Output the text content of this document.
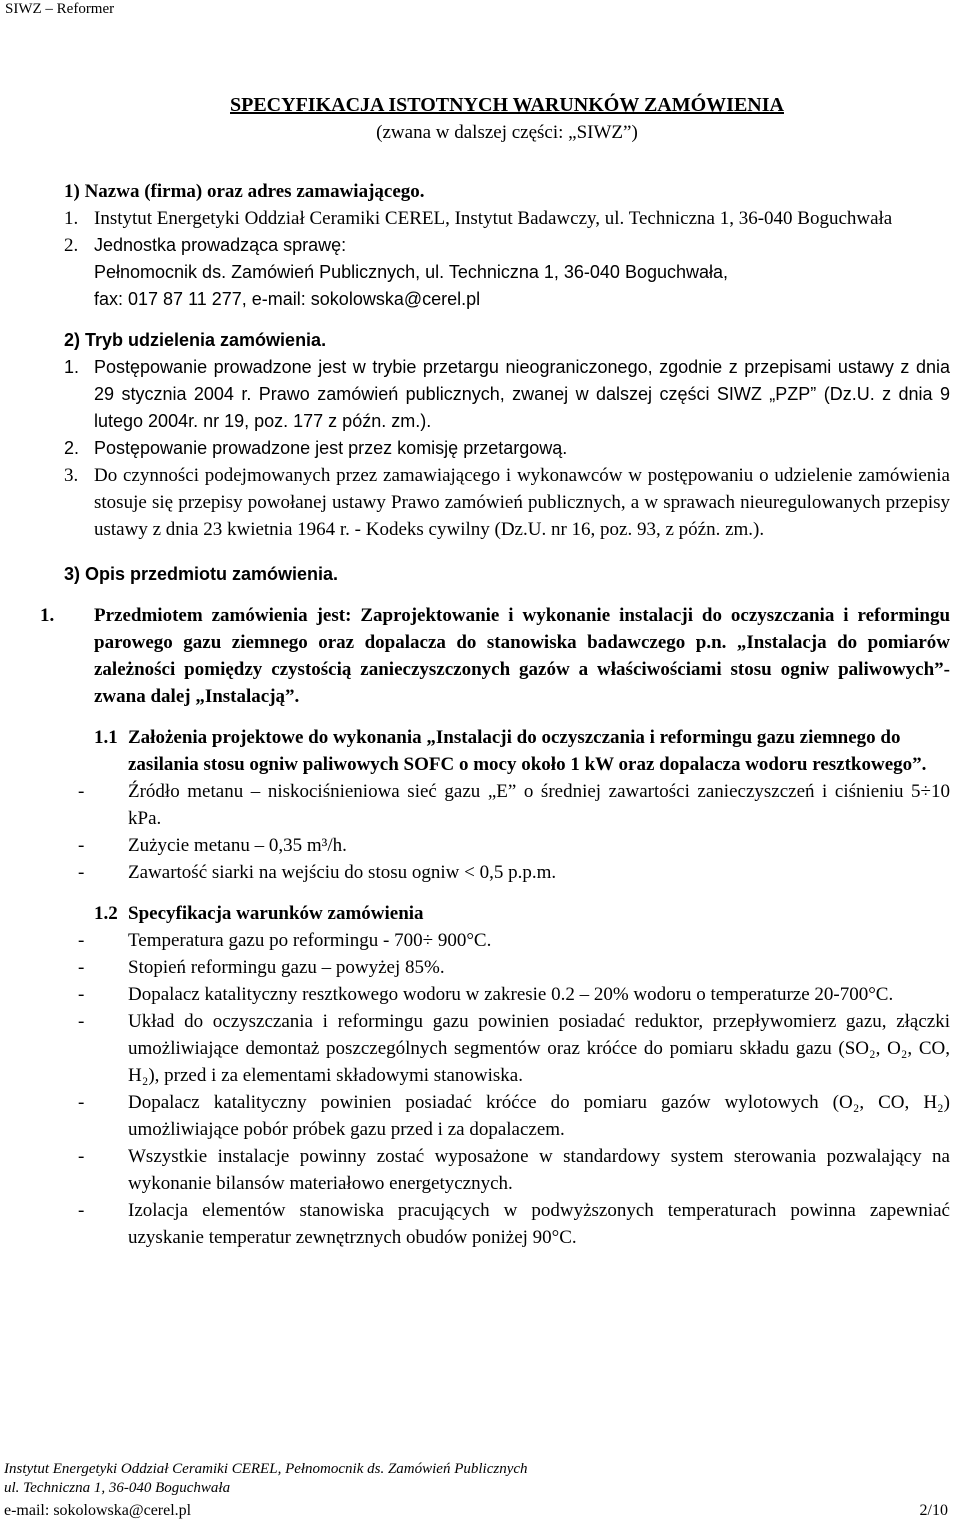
SIWZ – Reformer
SPECYFIKACJA ISTOTNYCH WARUNKÓW ZAMÓWIENIA
(zwana w dalszej części: „SIWZ”)
1) Nazwa (firma) oraz adres zamawiającego.
1. Instytut Energetyki Oddział Ceramiki CEREL, Instytut Badawczy, ul. Techniczna 1, 36-040 Boguchwała
2. Jednostka prowadząca sprawę:
Pełnomocnik ds. Zamówień Publicznych, ul. Techniczna 1, 36-040 Boguchwała,
fax: 017 87 11 277, e-mail: sokolowska@cerel.pl
2) Tryb udzielenia zamówienia.
1. Postępowanie prowadzone jest w trybie przetargu nieograniczonego, zgodnie z przepisami ustawy z dnia 29 stycznia 2004 r. Prawo zamówień publicznych, zwanej w dalszej części SIWZ „PZP” (Dz.U. z dnia 9 lutego 2004r. nr 19, poz. 177 z późn. zm.).
2. Postępowanie prowadzone jest przez komisję przetargową.
3. Do czynności podejmowanych przez zamawiającego i wykonawców w postępowaniu o udzielenie zamówienia stosuje się przepisy powołanej ustawy Prawo zamówień publicznych, a w sprawach nieuregulowanych przepisy ustawy z dnia 23 kwietnia 1964 r. - Kodeks cywilny (Dz.U. nr 16, poz. 93, z późn. zm.).
3) Opis przedmiotu zamówienia.
1. Przedmiotem zamówienia jest: Zaprojektowanie i wykonanie instalacji do oczyszczania i reformingu parowego gazu ziemnego oraz dopalacza do stanowiska badawczego p.n. „Instalacja do pomiarów zależności pomiędzy czystością zanieczyszczonych gazów a właściwościami stosu ogniw paliwowych”- zwana dalej „Instalacją”.
1.1 Założenia projektowe do wykonania „Instalacji do oczyszczania i reformingu gazu ziemnego do zasilania stosu ogniw paliwowych SOFC o mocy około 1 kW oraz dopalacza wodoru resztkowego”.
- Źródło metanu – niskociśnieniowa sieć gazu „E” o średniej zawartości zanieczyszczeń i ciśnieniu 5÷10 kPa.
- Zużycie metanu – 0,35 m³/h.
- Zawartość siarki na wejściu do stosu ogniw < 0,5 p.p.m.
1.2 Specyfikacja warunków zamówienia
- Temperatura gazu po reformingu - 700÷ 900°C.
- Stopień reformingu gazu – powyżej 85%.
- Dopalacz katalityczny resztkowego wodoru w zakresie 0.2 – 20% wodoru o temperaturze 20-700°C.
- Układ do oczyszczania i reformingu gazu powinien posiadać reduktor, przepływomierz gazu, złączki umożliwiające demontaż poszczególnych segmentów oraz króćce do pomiaru składu gazu (SO₂, O₂, CO, H₂), przed i za elementami składowymi stanowiska.
- Dopalacz katalityczny powinien posiadać króćce do pomiaru gazów wylotowych (O₂, CO, H₂) umożliwiające pobór próbek gazu przed i za dopalaczem.
- Wszystkie instalacje powinny zostać wyposażone w standardowy system sterowania pozwalający na wykonanie bilansów materiałowo energetycznych.
- Izolacja elementów stanowiska pracujących w podwyższonych temperaturach powinna zapewniać uzyskanie temperatur zewnętrznych obudów poniżej 90°C.
Instytut Energetyki Oddział Ceramiki CEREL, Pełnomocnik ds. Zamówień Publicznych
ul. Techniczna 1, 36-040 Boguchwała
e-mail: sokolowska@cerel.pl	2/10
